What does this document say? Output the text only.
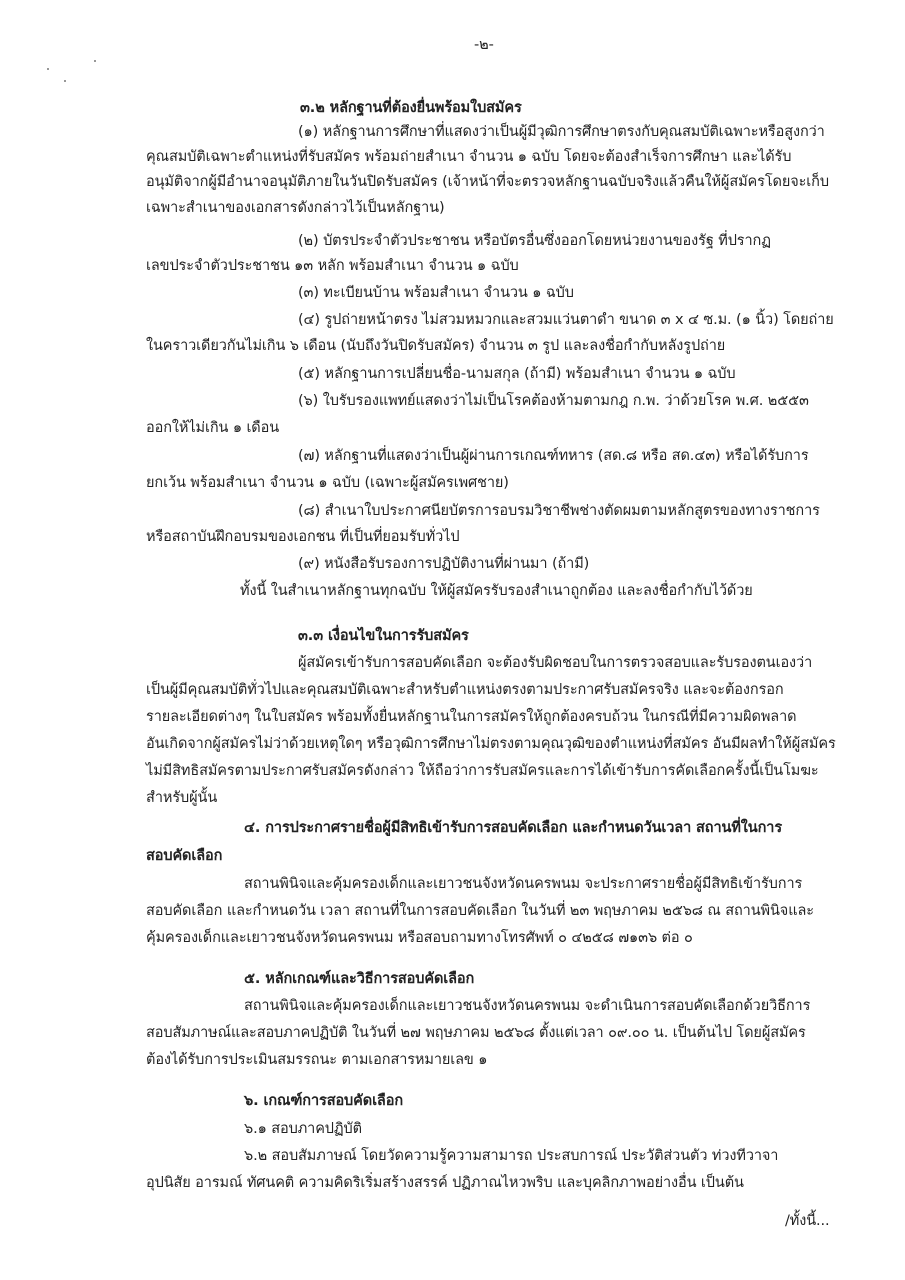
-๒-

๓.๒ หลักฐานที่ต้องยื่นพร้อมใบสมัคร

(๑) หลักฐานการศึกษาที่แสดงว่าเป็นผู้มีวุฒิการศึกษาตรงกับคุณสมบัติเฉพาะหรือสูงกว่า

คุณสมบัติเฉพาะตำแหน่งที่รับสมัคร พร้อมถ่ายสำเนา จำนวน ๑ ฉบับ โดยจะต้องสำเร็จการศึกษา และได้รับ

อนุมัติจากผู้มีอำนาจอนุมัติภายในวันปิดรับสมัคร (เจ้าหน้าที่จะตรวจหลักฐานฉบับจริงแล้วคืนให้ผู้สมัครโดยจะเก็บ

เฉพาะสำเนาของเอกสารดังกล่าวไว้เป็นหลักฐาน)

(๒) บัตรประจำตัวประชาชน หรือบัตรอื่นซึ่งออกโดยหน่วยงานของรัฐ ที่ปรากฏ

เลขประจำตัวประชาชน ๑๓ หลัก พร้อมสำเนา จำนวน ๑ ฉบับ

(๓) ทะเบียนบ้าน พร้อมสำเนา จำนวน ๑ ฉบับ

(๔) รูปถ่ายหน้าตรง ไม่สวมหมวกและสวมแว่นตาดำ ขนาด ๓ x ๔ ซ.ม. (๑ นิ้ว) โดยถ่าย

ในคราวเดียวกันไม่เกิน ๖ เดือน (นับถึงวันปิดรับสมัคร) จำนวน ๓ รูป และลงชื่อกำกับหลังรูปถ่าย

(๕) หลักฐานการเปลี่ยนชื่อ-นามสกุล (ถ้ามี) พร้อมสำเนา จำนวน ๑ ฉบับ

(๖) ใบรับรองแพทย์แสดงว่าไม่เป็นโรคต้องห้ามตามกฎ ก.พ. ว่าด้วยโรค พ.ศ. ๒๕๕๓

ออกให้ไม่เกิน ๑ เดือน

(๗) หลักฐานที่แสดงว่าเป็นผู้ผ่านการเกณฑ์ทหาร (สด.๘ หรือ สด.๔๓) หรือได้รับการ

ยกเว้น พร้อมสำเนา จำนวน ๑ ฉบับ (เฉพาะผู้สมัครเพศชาย)

(๘) สำเนาใบประกาศนียบัตรการอบรมวิชาชีพช่างตัดผมตามหลักสูตรของทางราชการ

หรือสถาบันฝึกอบรมของเอกชน ที่เป็นที่ยอมรับทั่วไป

(๙) หนังสือรับรองการปฏิบัติงานที่ผ่านมา (ถ้ามี)

ทั้งนี้ ในสำเนาหลักฐานทุกฉบับ ให้ผู้สมัครรับรองสำเนาถูกต้อง และลงชื่อกำกับไว้ด้วย

๓.๓ เงื่อนไขในการรับสมัคร

ผู้สมัครเข้ารับการสอบคัดเลือก จะต้องรับผิดชอบในการตรวจสอบและรับรองตนเองว่า

เป็นผู้มีคุณสมบัติทั่วไปและคุณสมบัติเฉพาะสำหรับตำแหน่งตรงตามประกาศรับสมัครจริง และจะต้องกรอก

รายละเอียดต่างๆ ในใบสมัคร พร้อมทั้งยื่นหลักฐานในการสมัครให้ถูกต้องครบถ้วน ในกรณีที่มีความผิดพลาด

อันเกิดจากผู้สมัครไม่ว่าด้วยเหตุใดๆ หรือวุฒิการศึกษาไม่ตรงตามคุณวุฒิของตำแหน่งที่สมัคร อันมีผลทำให้ผู้สมัคร

ไม่มีสิทธิสมัครตามประกาศรับสมัครดังกล่าว ให้ถือว่าการรับสมัครและการได้เข้ารับการคัดเลือกครั้งนี้เป็นโมฆะ

สำหรับผู้นั้น

๔. การประกาศรายชื่อผู้มีสิทธิเข้ารับการสอบคัดเลือก และกำหนดวันเวลา สถานที่ในการ

สอบคัดเลือก

สถานพินิจและคุ้มครองเด็กและเยาวชนจังหวัดนครพนม จะประกาศรายชื่อผู้มีสิทธิเข้ารับการ

สอบคัดเลือก และกำหนดวัน เวลา สถานที่ในการสอบคัดเลือก ในวันที่ ๒๓ พฤษภาคม ๒๕๖๘ ณ สถานพินิจและ

คุ้มครองเด็กและเยาวชนจังหวัดนครพนม หรือสอบถามทางโทรศัพท์ ๐ ๔๒๕๘ ๗๑๓๖ ต่อ ๐

๕. หลักเกณฑ์และวิธีการสอบคัดเลือก

สถานพินิจและคุ้มครองเด็กและเยาวชนจังหวัดนครพนม จะดำเนินการสอบคัดเลือกด้วยวิธีการ

สอบสัมภาษณ์และสอบภาคปฏิบัติ ในวันที่ ๒๗ พฤษภาคม ๒๕๖๘ ตั้งแต่เวลา ๐๙.๐๐ น. เป็นต้นไป โดยผู้สมัคร

ต้องได้รับการประเมินสมรรถนะ ตามเอกสารหมายเลข ๑

๖. เกณฑ์การสอบคัดเลือก

๖.๑ สอบภาคปฏิบัติ

๖.๒ สอบสัมภาษณ์ โดยวัดความรู้ความสามารถ ประสบการณ์ ประวัติส่วนตัว ท่วงทีวาจา

อุปนิสัย อารมณ์ ทัศนคติ ความคิดริเริ่มสร้างสรรค์ ปฏิภาณไหวพริบ และบุคลิกภาพอย่างอื่น เป็นต้น

/ทั้งนี้...
